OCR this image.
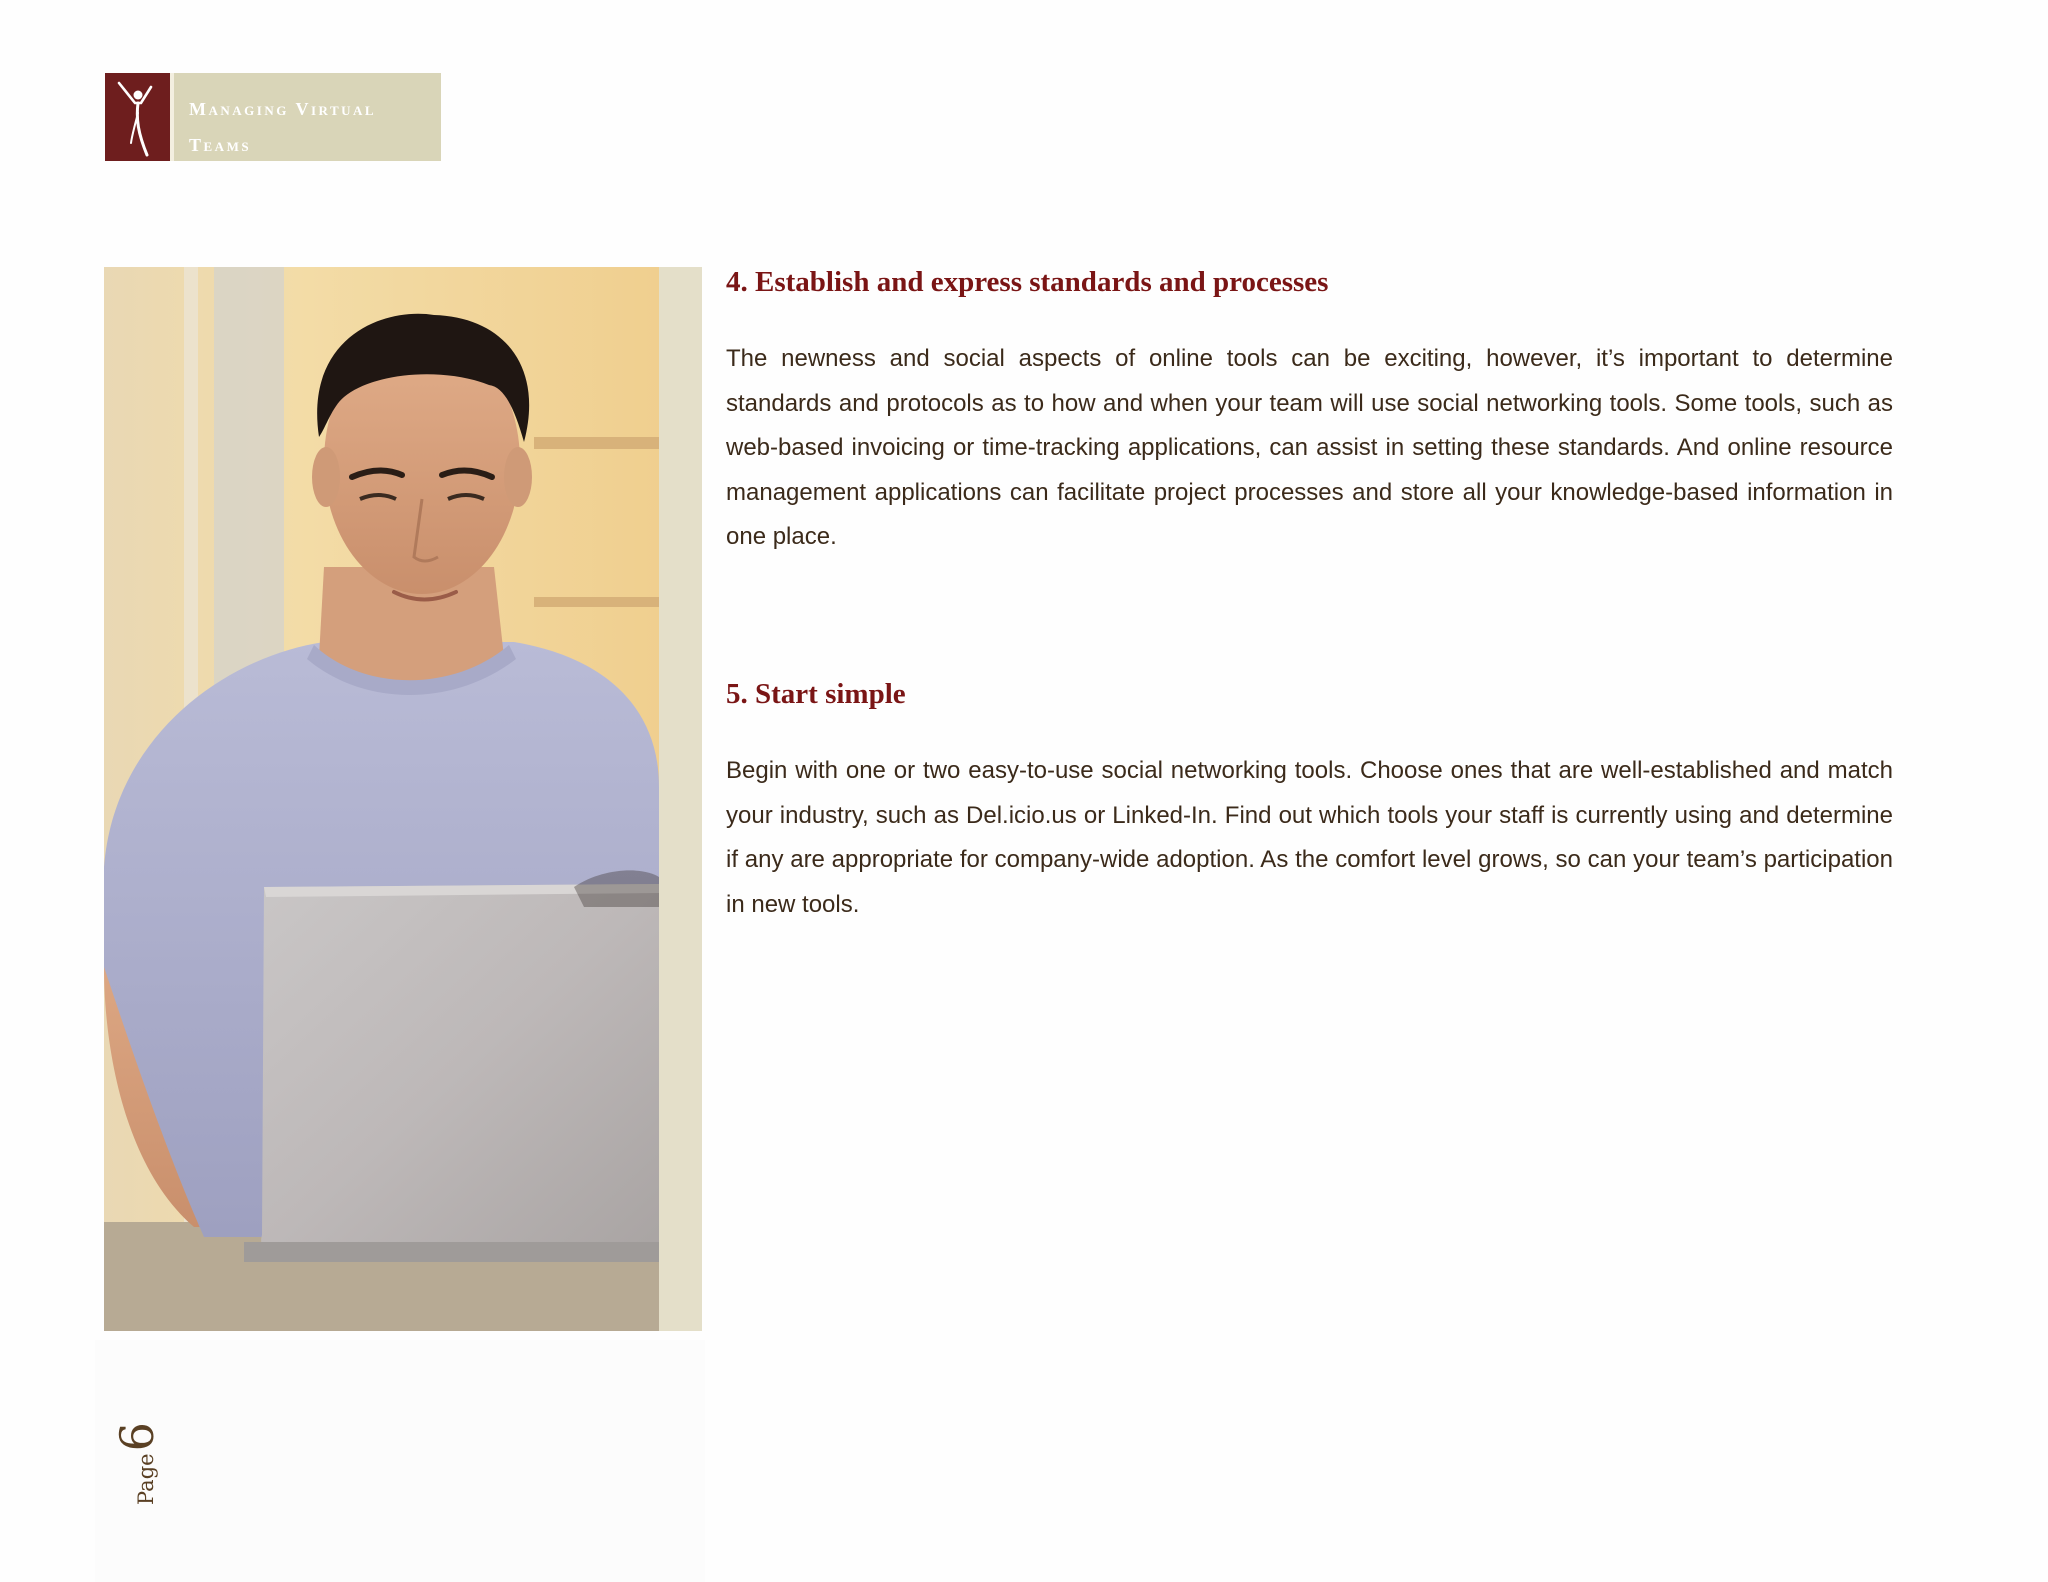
Managing Virtual
Teams
4. Establish and express standards and processes

The newness and social aspects of online tools can be exciting, however, it’s important to determine standards and protocols as to how and when your team will use social networking tools. Some tools, such as web-based invoicing or time-tracking applications, can assist in setting these standards. And online resource management applications can facilitate project processes and store all your knowledge-based information in one place.

5. Start simple

Begin with one or two easy-to-use social networking tools. Choose ones that are well-established and match your industry, such as Del.icio.us or Linked-In. Find out which tools your staff is currently using and determine if any are appropriate for company-wide adoption. As the comfort level grows, so can your team’s participation in new tools.

Page6
